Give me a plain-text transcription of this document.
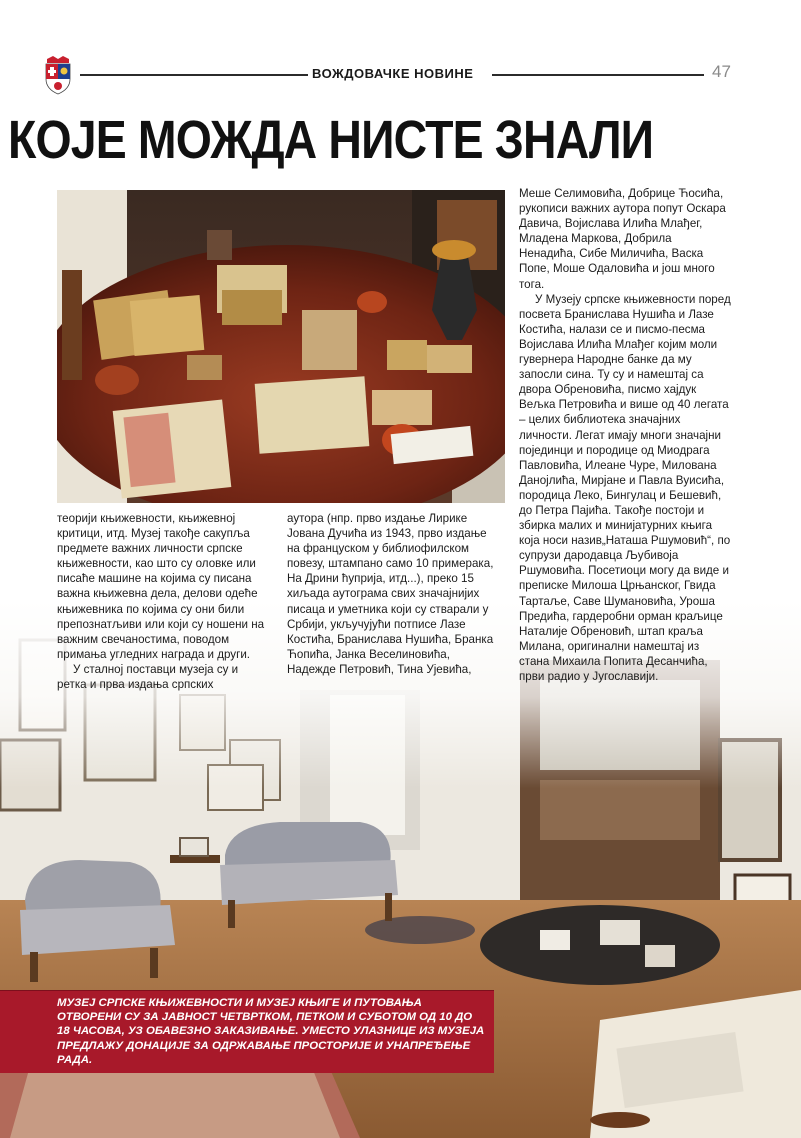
ВОЖДОВАЧКЕ НОВИНЕ	47
КОЈЕ МОЖДА НИСТЕ ЗНАЛИ

теорији књижевности, књижевној критици, итд. Музеј такође сакупља предмете важних личности српске књижевности, као што су оловке или писаће машине на којима су писана важна књижевна дела, делови одеће књижевника по којима су они били препознатљиви или који су ношени на важним свечаностима, поводом примања угледних награда и други.

У сталној поставци музеја су и ретка и прва издања српских

аутора (нпр. прво издање Лирике Јована Дучића из 1943, прво издање на француском у библиофилском повезу, штампано само 10 примерака, На Дрини ћуприја, итд...), преко 15 хиљада аутограма свих значајнијих писаца и уметника који су стварали у Србији, укључујући потписе Лазе Костића, Бранислава Нушића, Бранка Ћопића, Јанка Веселиновића, Надежде Петровић, Тина Ујевића,

Меше Селимовића, Добрице Ћосића, рукописи важних аутора попут Оскара Давича, Војислава Илића Млађег, Младена Маркова, Добрила Ненадића, Сибе Миличића, Васка Попе, Моше Одаловића и још много тога.

У Музеју српске књижевности поред посвета Бранислава Нушића и Лазе Костића, налази се и писмо-песма Војислава Илића Млађег којим моли гувернера Народне банке да му запосли сина. Ту су и намештај са двора Обреновића, писмо хајдук Вељка Петровића и више од 40 легата – целих библиотека значајних личности. Легат имају многи значајни појединци и породице од Миодрага Павловића, Илеане Чуре, Милована Данојлића, Мирјане и Павла Вуисића, породица Леко, Бингулац и Бешевић, до Петра Пајића. Такође постоји и збирка малих и минијатурних књига која носи назив„Наташа Ршумовић“, по супрузи дародавца Љубивоја Ршумовића. Посетиоци могу да виде и преписке Милоша Црњанског, Гвида Тартаље, Саве Шумановића, Уроша Предића, гардеробни орман краљице Наталије Обреновић, штап краља Милана, оригинални намештај из стана Михаила Попита Десанчића, први радио у Југославији.

МУЗЕЈ СРПСКЕ КЊИЖЕВНОСТИ И МУЗЕЈ КЊИГЕ И ПУТОВАЊА ОТВОРЕНИ СУ ЗА ЈАВНОСТ ЧЕТВРТКОМ, ПЕТКОМ И СУБОТОМ ОД 10 ДО 18 ЧАСОВА, УЗ ОБАВЕЗНО ЗАКАЗИВАЊЕ. УМЕСТО УЛАЗНИЦЕ ИЗ МУЗЕЈА ПРЕДЛАЖУ ДОНАЦИЈЕ ЗА ОДРЖАВАЊЕ ПРОСТОРИЈЕ И УНАПРЕЂЕЊЕ РАДА.
